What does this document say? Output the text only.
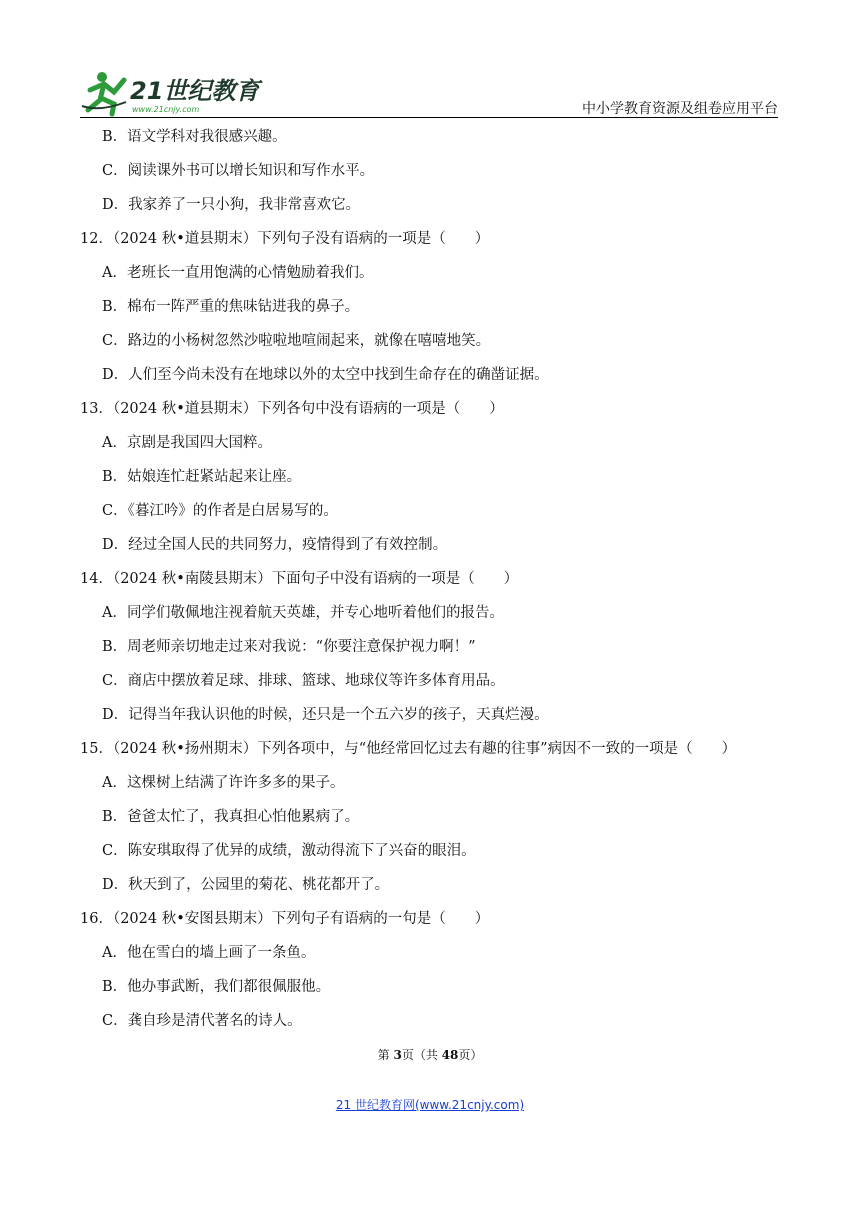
21世纪教育
www.21cnjy.com	中小学教育资源及组卷应用平台
B．语文学科对我很感兴趣。
C．阅读课外书可以增长知识和写作水平。
D．我家养了一只小狗，我非常喜欢它。
12．（2024 秋•道县期末）下列句子没有语病的一项是（　　）
A．老班长一直用饱满的心情勉励着我们。
B．棉布一阵严重的焦味钻进我的鼻子。
C．路边的小杨树忽然沙啦啦地喧闹起来，就像在嘻嘻地笑。
D．人们至今尚未没有在地球以外的太空中找到生命存在的确凿证据。
13．（2024 秋•道县期末）下列各句中没有语病的一项是（　　）
A．京剧是我国四大国粹。
B．姑娘连忙赶紧站起来让座。
C．《暮江吟》的作者是白居易写的。
D．经过全国人民的共同努力，疫情得到了有效控制。
14．（2024 秋•南陵县期末）下面句子中没有语病的一项是（　　）
A．同学们敬佩地注视着航天英雄，并专心地听着他们的报告。
B．周老师亲切地走过来对我说：“你要注意保护视力啊！”
C．商店中摆放着足球、排球、篮球、地球仪等许多体育用品。
D．记得当年我认识他的时候，还只是一个五六岁的孩子，天真烂漫。
15．（2024 秋•扬州期末）下列各项中，与“他经常回忆过去有趣的往事”病因不一致的一项是（　　）
A．这棵树上结满了许许多多的果子。
B．爸爸太忙了，我真担心怕他累病了。
C．陈安琪取得了优异的成绩，激动得流下了兴奋的眼泪。
D．秋天到了，公园里的菊花、桃花都开了。
16．（2024 秋•安图县期末）下列句子有语病的一句是（　　）
A．他在雪白的墙上画了一条鱼。
B．他办事武断，我们都很佩服他。
C．龚自珍是清代著名的诗人。
第 3页（共 48页）
21 世纪教育网(www.21cnjy.com)
